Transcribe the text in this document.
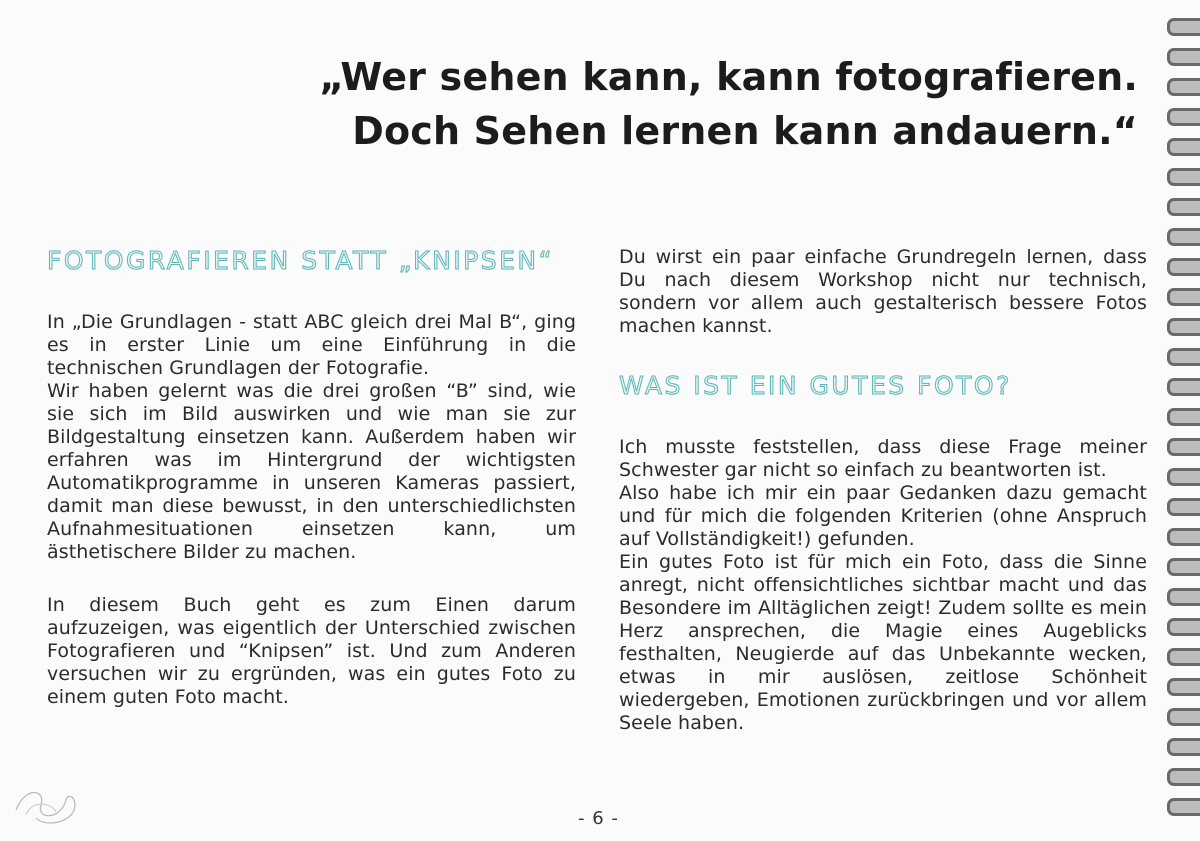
„Wer sehen kann, kann fotografieren.
Doch Sehen lernen kann andauern.“
FOTOGRAFIEREN STATT „KNIPSEN“

In „Die Grundlagen - statt ABC gleich drei Mal B“, ging es in erster Linie um eine Einführung in die technischen Grundlagen der Fotografie.

Wir haben gelernt was die drei großen “B” sind, wie sie sich im Bild auswirken und wie man sie zur Bildgestaltung einsetzen kann. Außerdem haben wir erfahren was im Hintergrund der wichtigsten Automatikprogramme in unseren Kameras passiert, damit man diese bewusst, in den unterschiedlichsten Aufnahmesituationen einsetzen kann, um ästhetischere Bilder zu machen.

In diesem Buch geht es zum Einen darum aufzuzeigen, was eigentlich der Unterschied zwischen Fotografieren und “Knipsen” ist. Und zum Anderen versuchen wir zu ergründen, was ein gutes Foto zu einem guten Foto macht.

Du wirst ein paar einfache Grundregeln lernen, dass Du nach diesem Workshop nicht nur technisch, sondern vor allem auch gestalterisch bessere Fotos machen kannst.

WAS IST EIN GUTES FOTO?

Ich musste feststellen, dass diese Frage meiner Schwester gar nicht so einfach zu beantworten ist.

Also habe ich mir ein paar Gedanken dazu gemacht und für mich die folgenden Kriterien (ohne Anspruch auf Vollständigkeit!) gefunden.

Ein gutes Foto ist für mich ein Foto, dass die Sinne anregt, nicht offensichtliches sichtbar macht und das Besondere im Alltäglichen zeigt! Zudem sollte es mein Herz ansprechen, die Magie eines Augeblicks festhalten, Neugierde auf das Unbekannte wecken, etwas in mir auslösen, zeitlose Schönheit wiedergeben, Emotionen zurückbringen und vor allem Seele haben.

- 6 -
